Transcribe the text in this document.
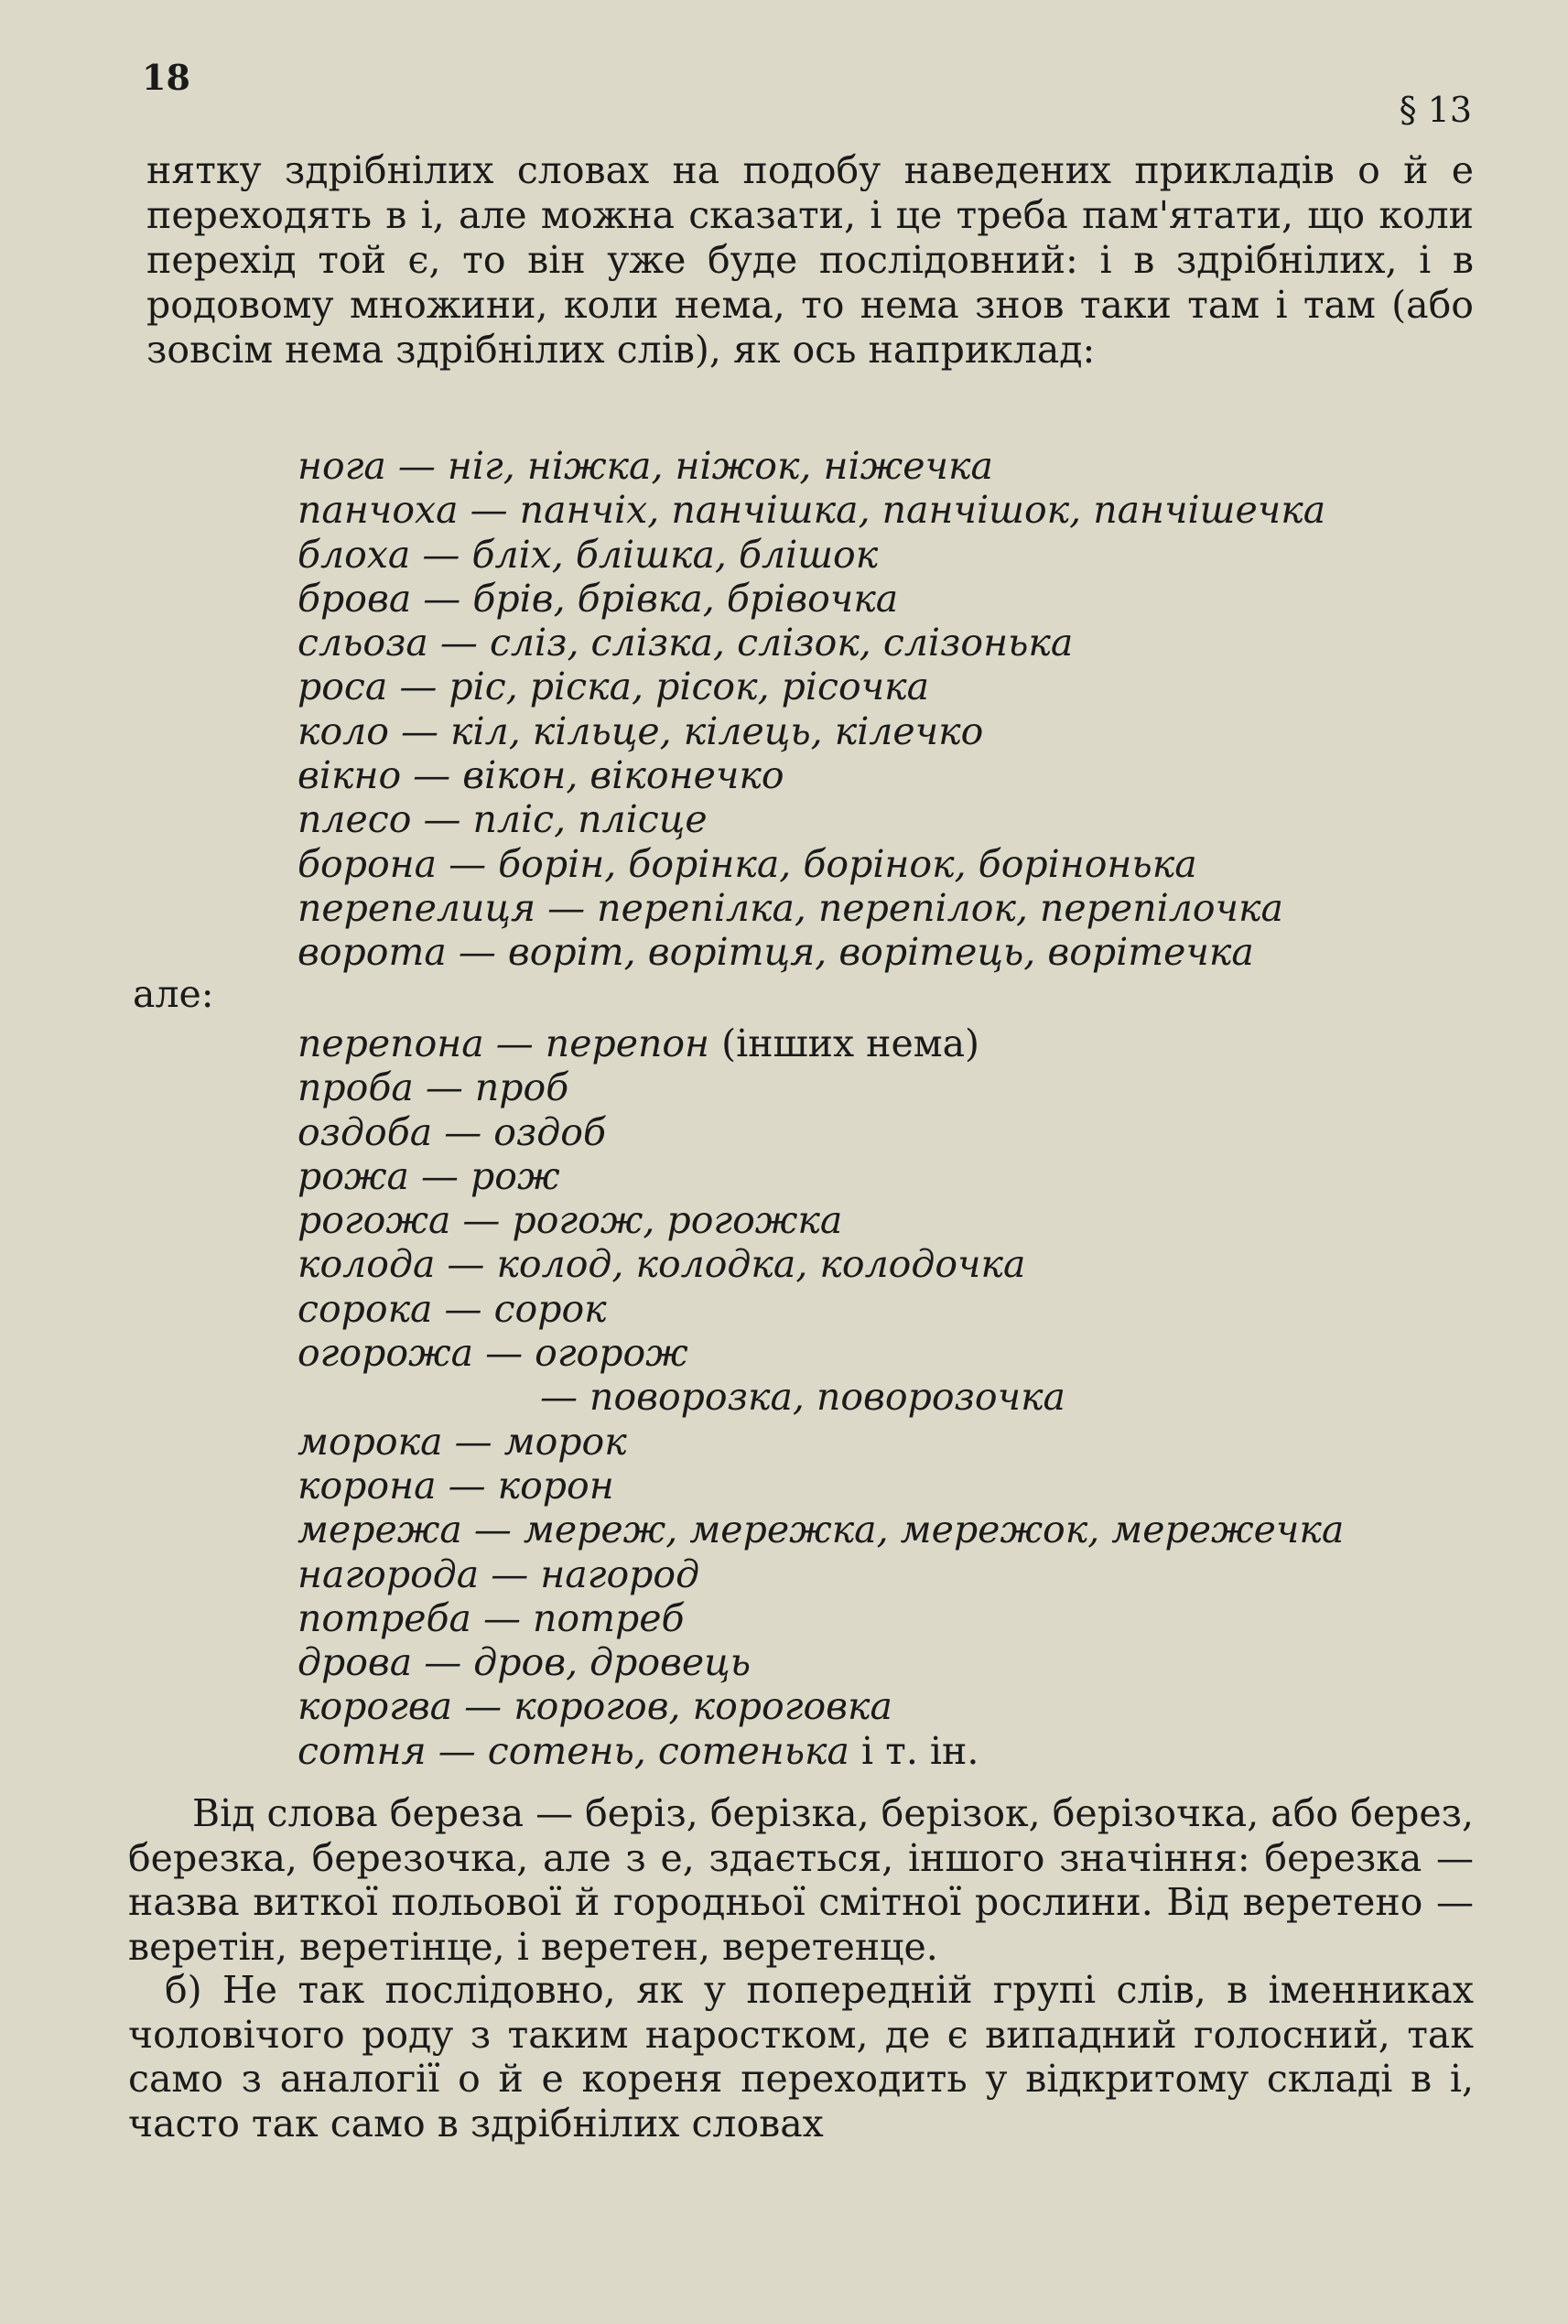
18
§ 13

нятку здрібнілих словах на подобу наведених прикладів о й е переходять в і, але можна сказати, і це треба пам'ятати, що коли перехід той є, то він уже буде послідовний: і в здрібнілих, і в родовому множини, коли нема, то нема знов таки там і там (або зовсім нема здрібнілих слів), як ось наприклад:

нога — ніг, ніжка, ніжок, ніжечка
панчоха — панчіх, панчішка, панчішок, панчішечка
блоха — бліх, блішка, блішок
брова — брів, брівка, брівочка
сльоза — сліз, слізка, слізок, слізонька
роса — ріс, ріска, рісок, рісочка
коло — кіл, кільце, кілець, кілечко
вікно — вікон, віконечко
плесо — пліс, плісце
борона — борін, борінка, борінок, борінонька
перепелиця — перепілка, перепілок, перепілочка
ворота — воріт, ворітця, ворітець, ворітечка
але:
перепона — перепон (інших нема)
проба — проб
оздоба — оздоб
рожа — рож
рогожа — рогож, рогожка
колода — колод, колодка, колодочка
сорока — сорок
огорожа — огорож
— поворозка, поворозочка
морока — морок
корона — корон
мережа — мереж, мережка, мережок, мережечка
нагорода — нагород
потреба — потреб
дрова — дров, дровець
корогва — корогов, короговка
сотня — сотень, сотенька і т. ін.

Від слова береза — беріз, берізка, берізок, берізочка, або берез, березка, березочка, але з е, здається, іншого значіння: березка — назва виткої польової й городньої смітної рослини. Від веретено — веретін, веретінце, і веретен, веретенце.

б) Не так послідовно, як у попередній групі слів, в іменниках чоловічого роду з таким наростком, де є випадний голосний, так само з аналогії о й е кореня переходить у відкритому складі в і, часто так само в здрібнілих словах
